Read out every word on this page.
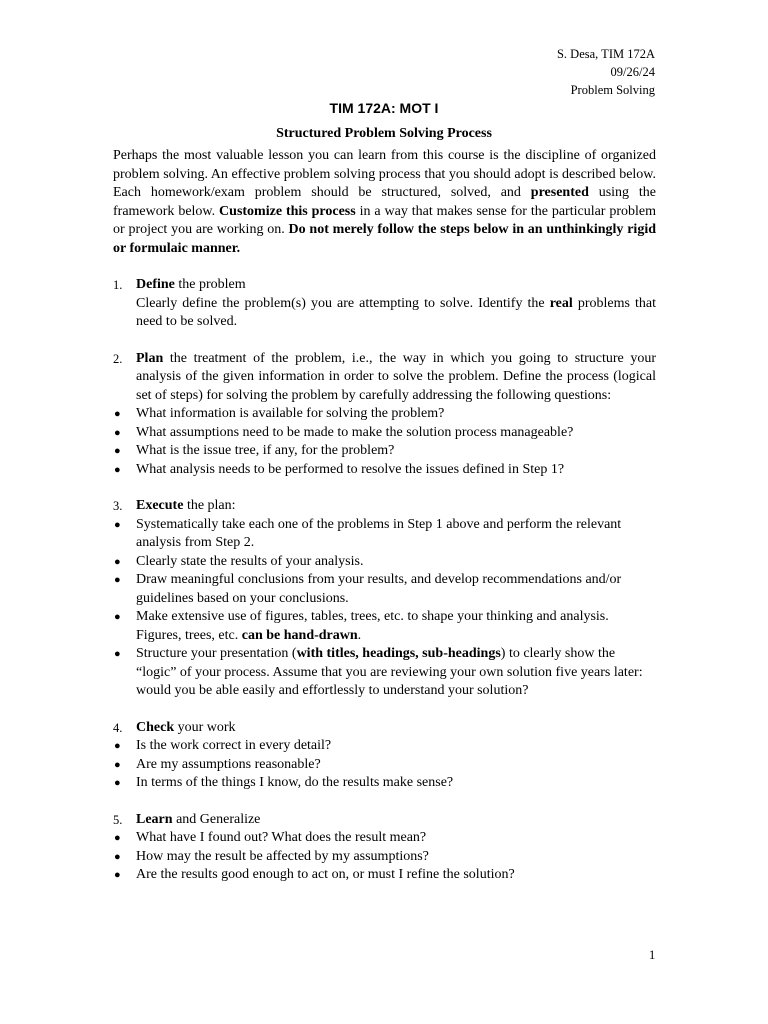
S. Desa, TIM 172A
09/26/24
Problem Solving
TIM 172A: MOT I
Structured Problem Solving Process

Perhaps the most valuable lesson you can learn from this course is the discipline of organized problem solving. An effective problem solving process that you should adopt is described below. Each homework/exam problem should be structured, solved, and presented using the framework below. Customize this process in a way that makes sense for the particular problem or project you are working on. Do not merely follow the steps below in an unthinkingly rigid or formulaic manner.

1. Define the problem
Clearly define the problem(s) you are attempting to solve. Identify the real problems that need to be solved.
2. Plan the treatment of the problem, i.e., the way in which you going to structure your analysis of the given information in order to solve the problem. Define the process (logical set of steps) for solving the problem by carefully addressing the following questions:
● What information is available for solving the problem?
● What assumptions need to be made to make the solution process manageable?
● What is the issue tree, if any, for the problem?
● What analysis needs to be performed to resolve the issues defined in Step 1?
3. Execute the plan:
● Systematically take each one of the problems in Step 1 above and perform the relevant analysis from Step 2.
● Clearly state the results of your analysis.
● Draw meaningful conclusions from your results, and develop recommendations and/or guidelines based on your conclusions.
● Make extensive use of figures, tables, trees, etc. to shape your thinking and analysis. Figures, trees, etc. can be hand-drawn.
● Structure your presentation (with titles, headings, sub-headings) to clearly show the “logic” of your process. Assume that you are reviewing your own solution five years later: would you be able easily and effortlessly to understand your solution?
4. Check your work
● Is the work correct in every detail?
● Are my assumptions reasonable?
● In terms of the things I know, do the results make sense?
5. Learn and Generalize
● What have I found out? What does the result mean?
● How may the result be affected by my assumptions?
● Are the results good enough to act on, or must I refine the solution?
1
